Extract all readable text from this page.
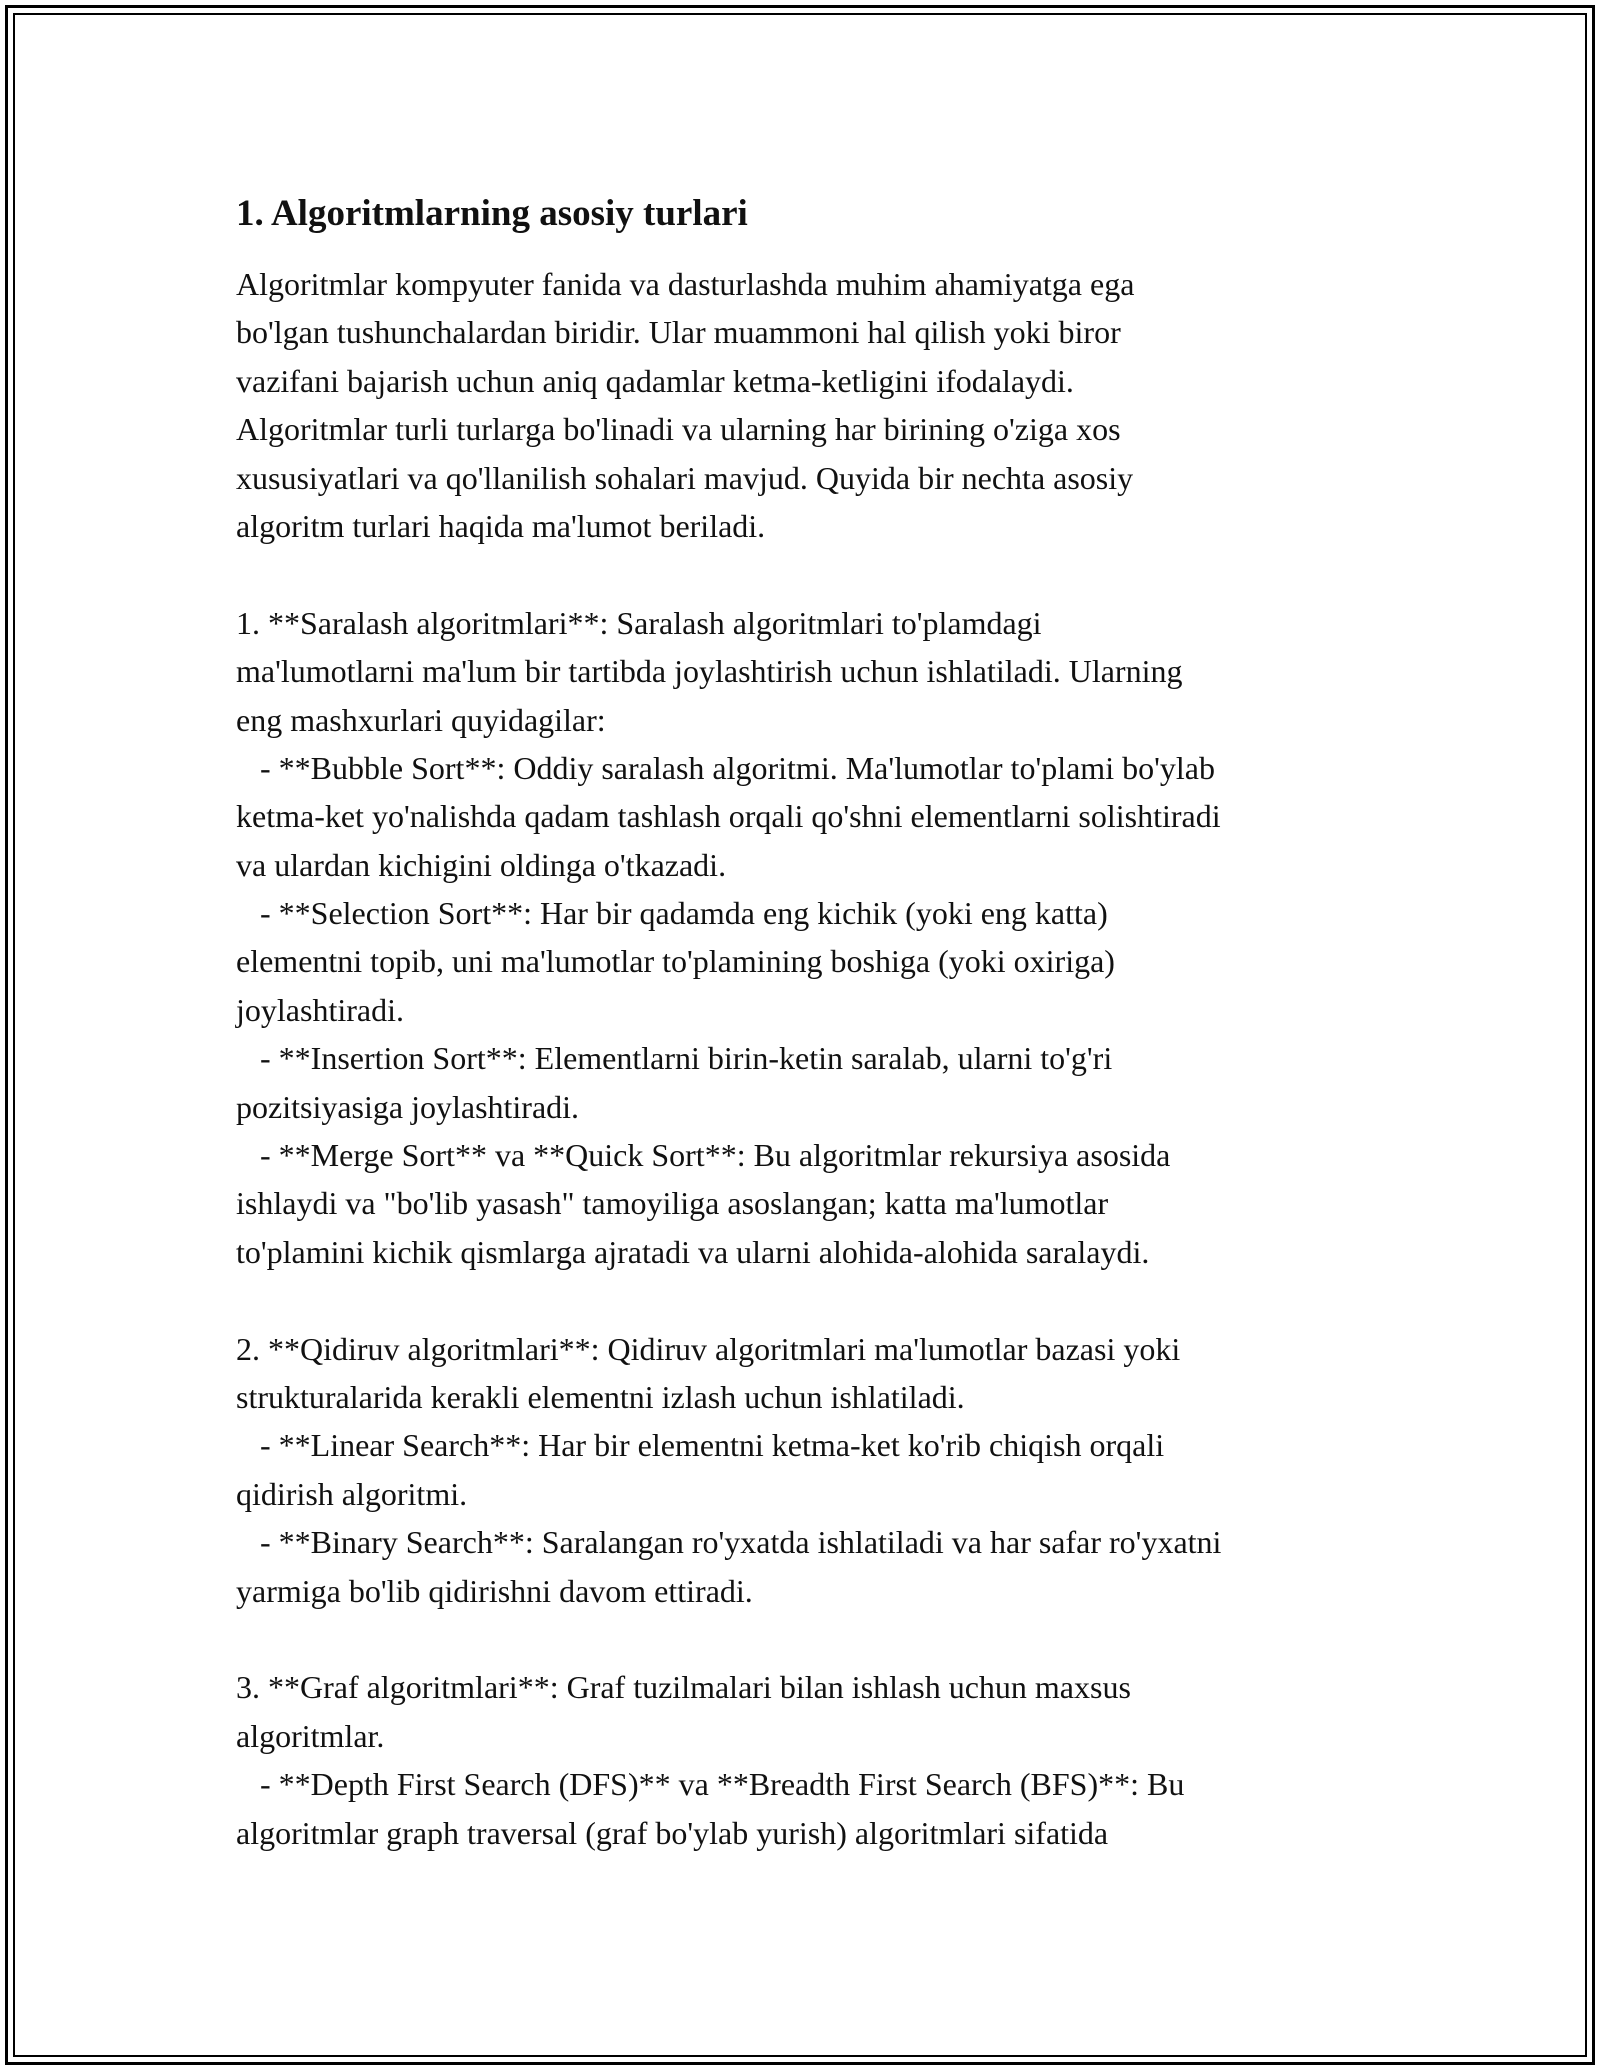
1. Algoritmlarning asosiy turlari
Algoritmlar kompyuter fanida va dasturlashda muhim ahamiyatga ega
bo'lgan tushunchalardan biridir. Ular muammoni hal qilish yoki biror
vazifani bajarish uchun aniq qadamlar ketma-ketligini ifodalaydi.
Algoritmlar turli turlarga bo'linadi va ularning har birining o'ziga xos
xususiyatlari va qo'llanilish sohalari mavjud. Quyida bir nechta asosiy
algoritm turlari haqida ma'lumot beriladi.
1. **Saralash algoritmlari**: Saralash algoritmlari to'plamdagi
ma'lumotlarni ma'lum bir tartibda joylashtirish uchun ishlatiladi. Ularning
eng mashxurlari quyidagilar:
- **Bubble Sort**: Oddiy saralash algoritmi. Ma'lumotlar to'plami bo'ylab
ketma-ket yo'nalishda qadam tashlash orqali qo'shni elementlarni solishtiradi
va ulardan kichigini oldinga o'tkazadi.
- **Selection Sort**: Har bir qadamda eng kichik (yoki eng katta)
elementni topib, uni ma'lumotlar to'plamining boshiga (yoki oxiriga)
joylashtiradi.
- **Insertion Sort**: Elementlarni birin-ketin saralab, ularni to'g'ri
pozitsiyasiga joylashtiradi.
- **Merge Sort** va **Quick Sort**: Bu algoritmlar rekursiya asosida
ishlaydi va "bo'lib yasash" tamoyiliga asoslangan; katta ma'lumotlar
to'plamini kichik qismlarga ajratadi va ularni alohida-alohida saralaydi.
2. **Qidiruv algoritmlari**: Qidiruv algoritmlari ma'lumotlar bazasi yoki
strukturalarida kerakli elementni izlash uchun ishlatiladi.
- **Linear Search**: Har bir elementni ketma-ket ko'rib chiqish orqali
qidirish algoritmi.
- **Binary Search**: Saralangan ro'yxatda ishlatiladi va har safar ro'yxatni
yarmiga bo'lib qidirishni davom ettiradi.
3. **Graf algoritmlari**: Graf tuzilmalari bilan ishlash uchun maxsus
algoritmlar.
- **Depth First Search (DFS)** va **Breadth First Search (BFS)**: Bu
algoritmlar graph traversal (graf bo'ylab yurish) algoritmlari sifatida
